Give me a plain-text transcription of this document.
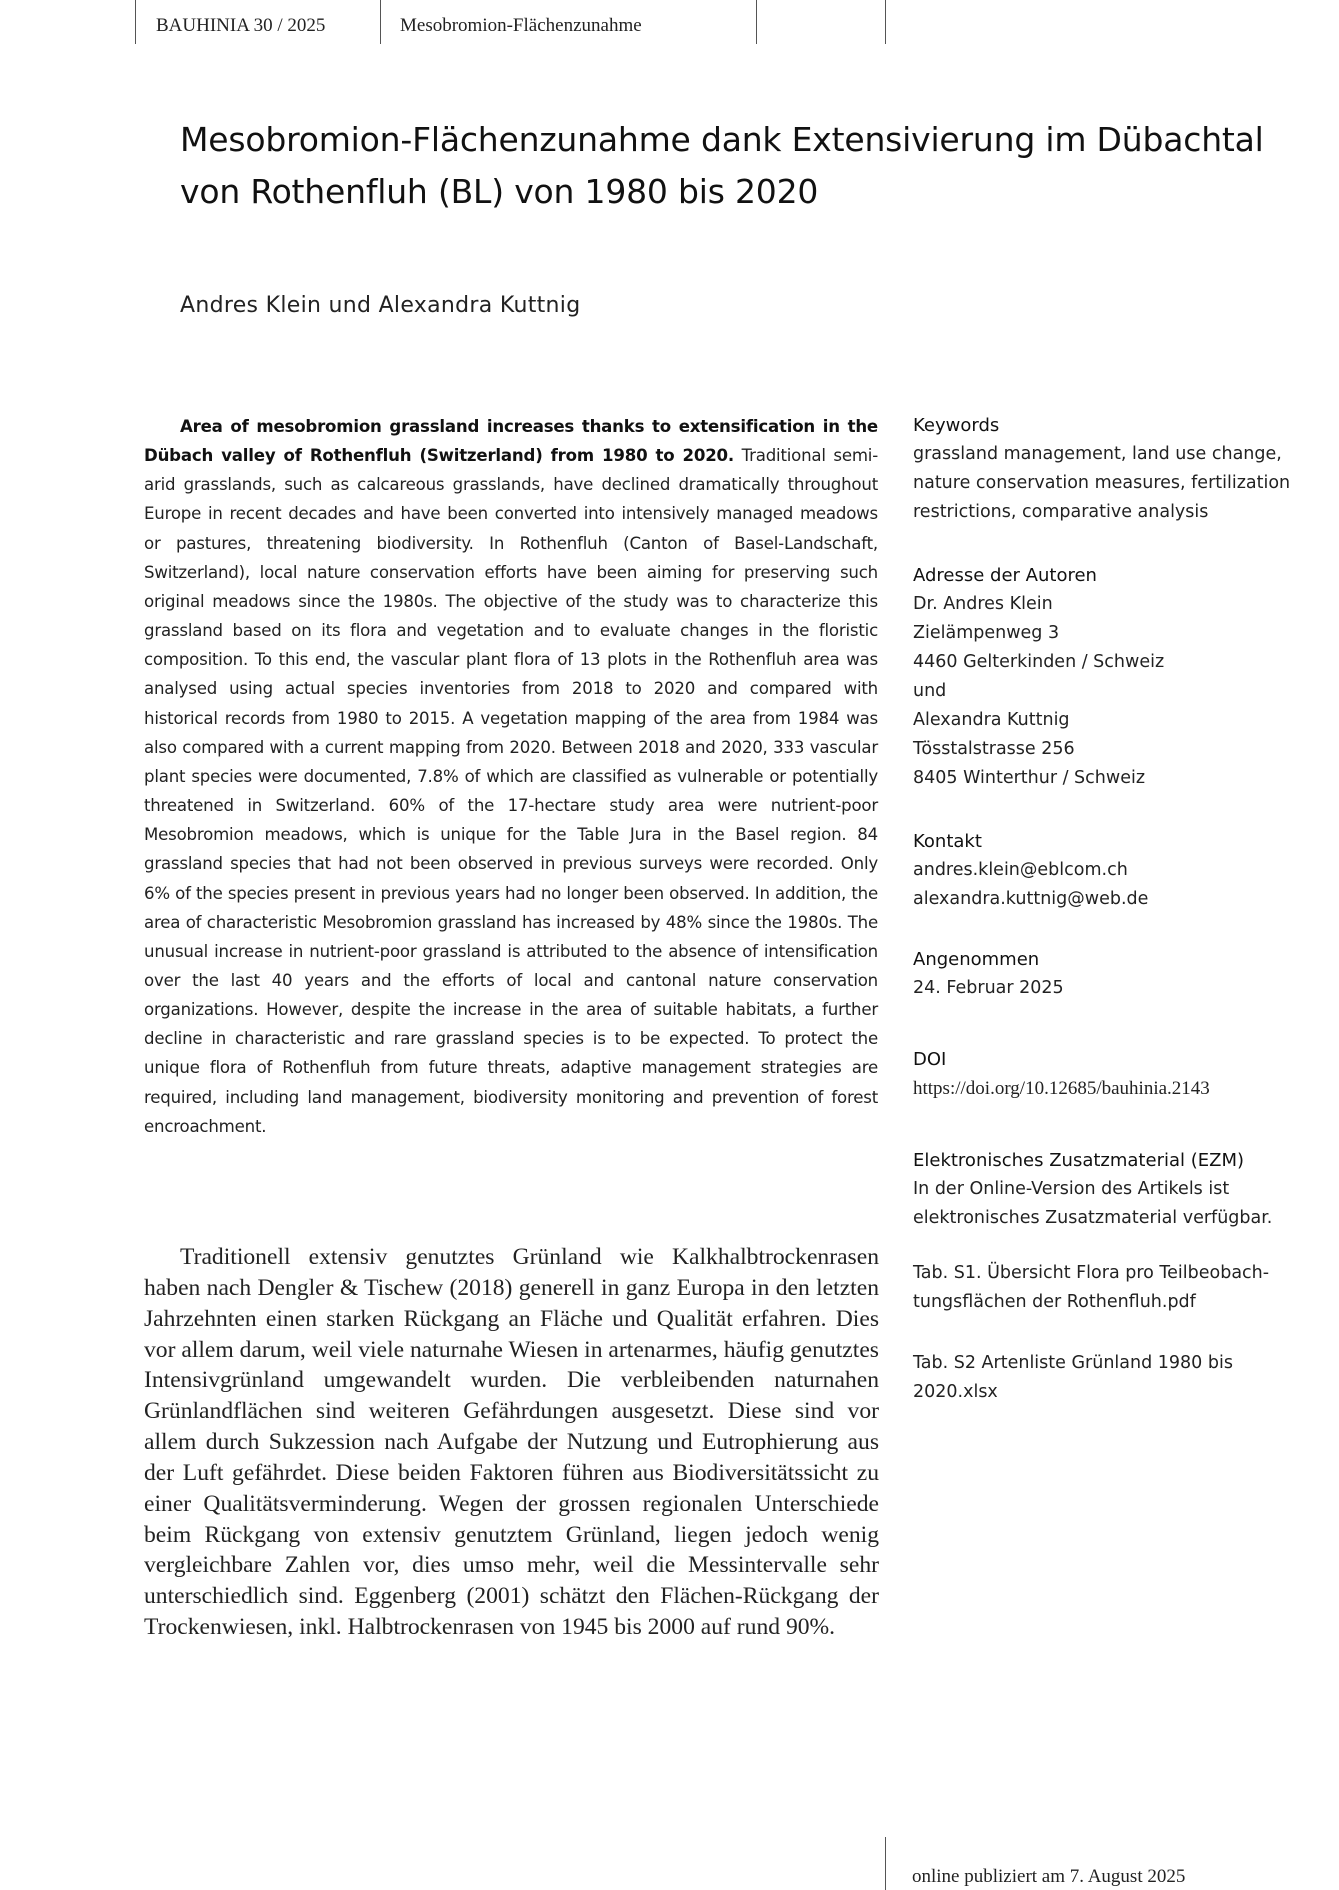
BAUHINIA 30 / 2025	Mesobromion-Flächenzunahme
Mesobromion-Flächenzunahme dank Extensivierung im Dübachtal von Rothenfluh (BL) von 1980 bis 2020

Andres Klein und Alexandra Kuttnig

Area of mesobromion grassland increases thanks to extensification in the Dübach valley of Rothenfluh (Switzerland) from 1980 to 2020. Traditional semi-arid grasslands, such as calcareous grasslands, have declined dramatically throughout Europe in recent decades and have been converted into intensively managed meadows or pastures, threatening biodiversity. In Rothenfluh (Canton of Basel-Landschaft, Switzerland), local nature conservation efforts have been aiming for preserving such original meadows since the 1980s. The objective of the study was to characterize this grassland based on its flora and vegetation and to evaluate changes in the floristic composition. To this end, the vascular plant flora of 13 plots in the Rothenfluh area was analysed using actual species inventories from 2018 to 2020 and compared with historical records from 1980 to 2015. A vegetation mapping of the area from 1984 was also compared with a current mapping from 2020. Between 2018 and 2020, 333 vascular plant species were documented, 7.8% of which are classified as vulnerable or potentially threatened in Switzerland. 60% of the 17-hectare study area were nutrient-poor Mesobromion meadows, which is unique for the Table Jura in the Basel region. 84 grassland species that had not been observed in previous surveys were recorded. Only 6% of the species present in previous years had no longer been observed. In addition, the area of characteristic Mesobromion grassland has increased by 48% since the 1980s. The unusual increase in nutrient-poor grassland is attributed to the absence of intensification over the last 40 years and the efforts of local and cantonal nature conservation organizations. However, despite the increase in the area of suitable habitats, a further decline in characteristic and rare grassland species is to be expected. To protect the unique flora of Rothenfluh from future threats, adaptive management strategies are required, including land management, biodiversity monitoring and prevention of forest encroachment.

Traditionell extensiv genutztes Grünland wie Kalkhalbtrockenrasen haben nach Dengler & Tischew (2018) generell in ganz Europa in den letzten Jahrzehnten einen starken Rückgang an Fläche und Qualität erfahren. Dies vor allem darum, weil viele naturnahe Wiesen in artenarmes, häufig genutztes Intensivgrünland umgewandelt wurden. Die verbleibenden naturnahen Grünlandflächen sind weiteren Gefährdungen ausgesetzt. Diese sind vor allem durch Sukzession nach Aufgabe der Nutzung und Eutrophierung aus der Luft gefährdet. Diese beiden Faktoren führen aus Biodiversitätssicht zu einer Qualitätsverminderung. Wegen der grossen regionalen Unterschiede beim Rückgang von extensiv genutztem Grünland, liegen jedoch wenig vergleichbare Zahlen vor, dies umso mehr, weil die Messintervalle sehr unterschiedlich sind. Eggenberg (2001) schätzt den Flächen-Rückgang der Trockenwiesen, inkl. Halbtrockenrasen von 1945 bis 2000 auf rund 90%.

Keywords

grassland management, land use change, nature conservation measures, fertilization restrictions, comparative analysis

Adresse der Autoren

Dr. Andres Klein
Zielämpenweg 3
4460 Gelterkinden / Schweiz
und
Alexandra Kuttnig
Tösstalstrasse 256
8405 Winterthur / Schweiz

Kontakt

andres.klein@eblcom.ch
alexandra.kuttnig@web.de

Angenommen

24. Februar 2025

DOI

https://doi.org/10.12685/bauhinia.2143

Elektronisches Zusatzmaterial (EZM)

In der Online-Version des Artikels ist elektronisches Zusatzmaterial verfügbar.

Tab. S1. Übersicht Flora pro Teilbeobachtungsflächen der Rothenfluh.pdf

Tab. S2 Artenliste Grünland 1980 bis 2020.xlsx

online publiziert am 7. August 2025
